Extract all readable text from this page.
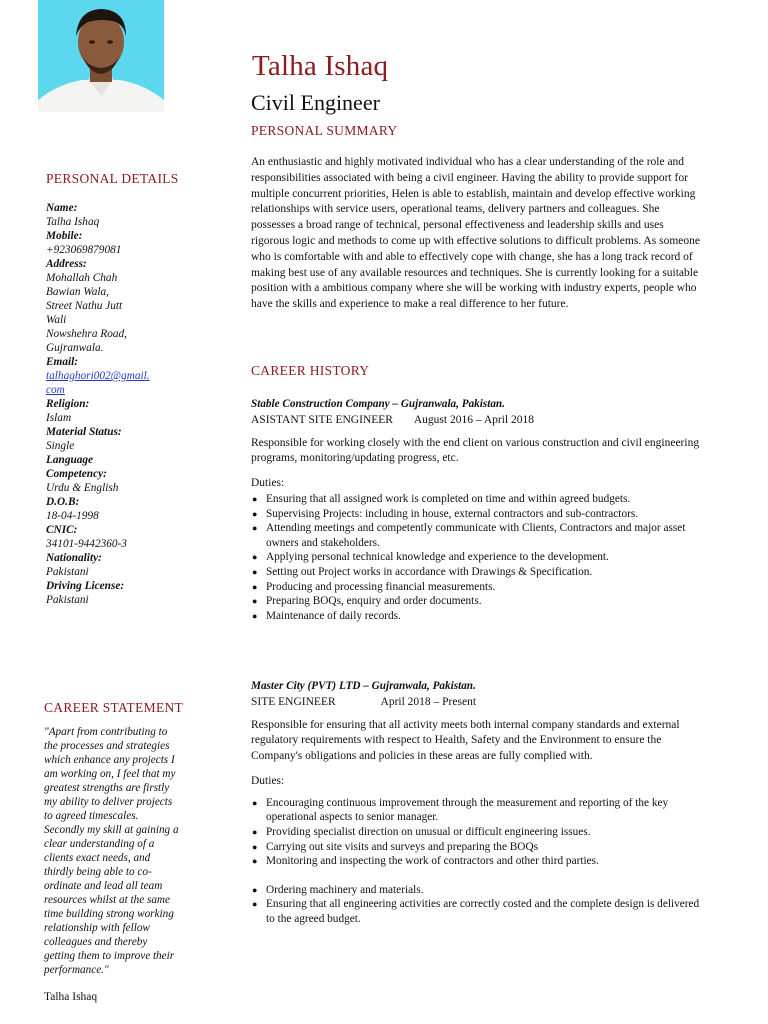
Talha Ishaq
Civil Engineer
PERSONAL SUMMARY
An enthusiastic and highly motivated individual who has a clear understanding of the role and responsibilities associated with being a civil engineer. Having the ability to provide support for multiple concurrent priorities, Helen is able to establish, maintain and develop effective working relationships with service users, operational teams, delivery partners and colleagues. She possesses a broad range of technical, personal effectiveness and leadership skills and uses rigorous logic and methods to come up with effective solutions to difficult problems. As someone who is comfortable with and able to effectively cope with change, she has a long track record of making best use of any available resources and techniques. She is currently looking for a suitable position with a ambitious company where she will be working with industry experts, people who have the skills and experience to make a real difference to her future.
PERSONAL DETAILS
Name:
Talha Ishaq
Mobile:
+923069879081
Address:
Mohallah Chah
Bawian Wala,
Street Nathu Jutt
Wali
Nowshehra Road,
Gujranwala.
Email:
talhaghori002@gmail.com
Religion:
Islam
Material Status:
Single
Language Competency:
Urdu & English
D.O.B:
18-04-1998
CNIC:
34101-9442360-3
Nationality:
Pakistani
Driving License:
Pakistani
CAREER STATEMENT
"Apart from contributing to
the processes and strategies
which enhance any projects I
am working on, I feel that my
greatest strengths are firstly
my ability to deliver projects
to agreed timescales.
Secondly my skill at gaining a
clear understanding of a
clients exact needs, and
thirdly being able to co-
ordinate and lead all team
resources whilst at the same
time building strong working
relationship with fellow
colleagues and thereby
getting them to improve their
performance."
Talha Ishaq
CAREER HISTORY
Stable Construction Company – Gujranwala, Pakistan.
ASISTANT SITE ENGINEER August 2016 – April 2018
Responsible for working closely with the end client on various construction and civil engineering programs, monitoring/updating progress, etc.
Duties:
● Ensuring that all assigned work is completed on time and within agreed budgets.
● Supervising Projects: including in house, external contractors and sub-contractors.
● Attending meetings and competently communicate with Clients, Contractors and major asset owners and stakeholders.
● Applying personal technical knowledge and experience to the development.
● Setting out Project works in accordance with Drawings & Specification.
● Producing and processing financial measurements.
● Preparing BOQs, enquiry and order documents.
● Maintenance of daily records.
Master City (PVT) LTD – Gujranwala, Pakistan.
SITE ENGINEER	April 2018 – Present
Responsible for ensuring that all activity meets both internal company standards and external regulatory requirements with respect to Health, Safety and the Environment to ensure the Company's obligations and policies in these areas are fully complied with.
Duties:
● Encouraging continuous improvement through the measurement and reporting of the key operational aspects to senior manager.
● Providing specialist direction on unusual or difficult engineering issues.
● Carrying out site visits and surveys and preparing the BOQs
● Monitoring and inspecting the work of contractors and other third parties.
● Ordering machinery and materials.
● Ensuring that all engineering activities are correctly costed and the complete design is delivered to the agreed budget.
